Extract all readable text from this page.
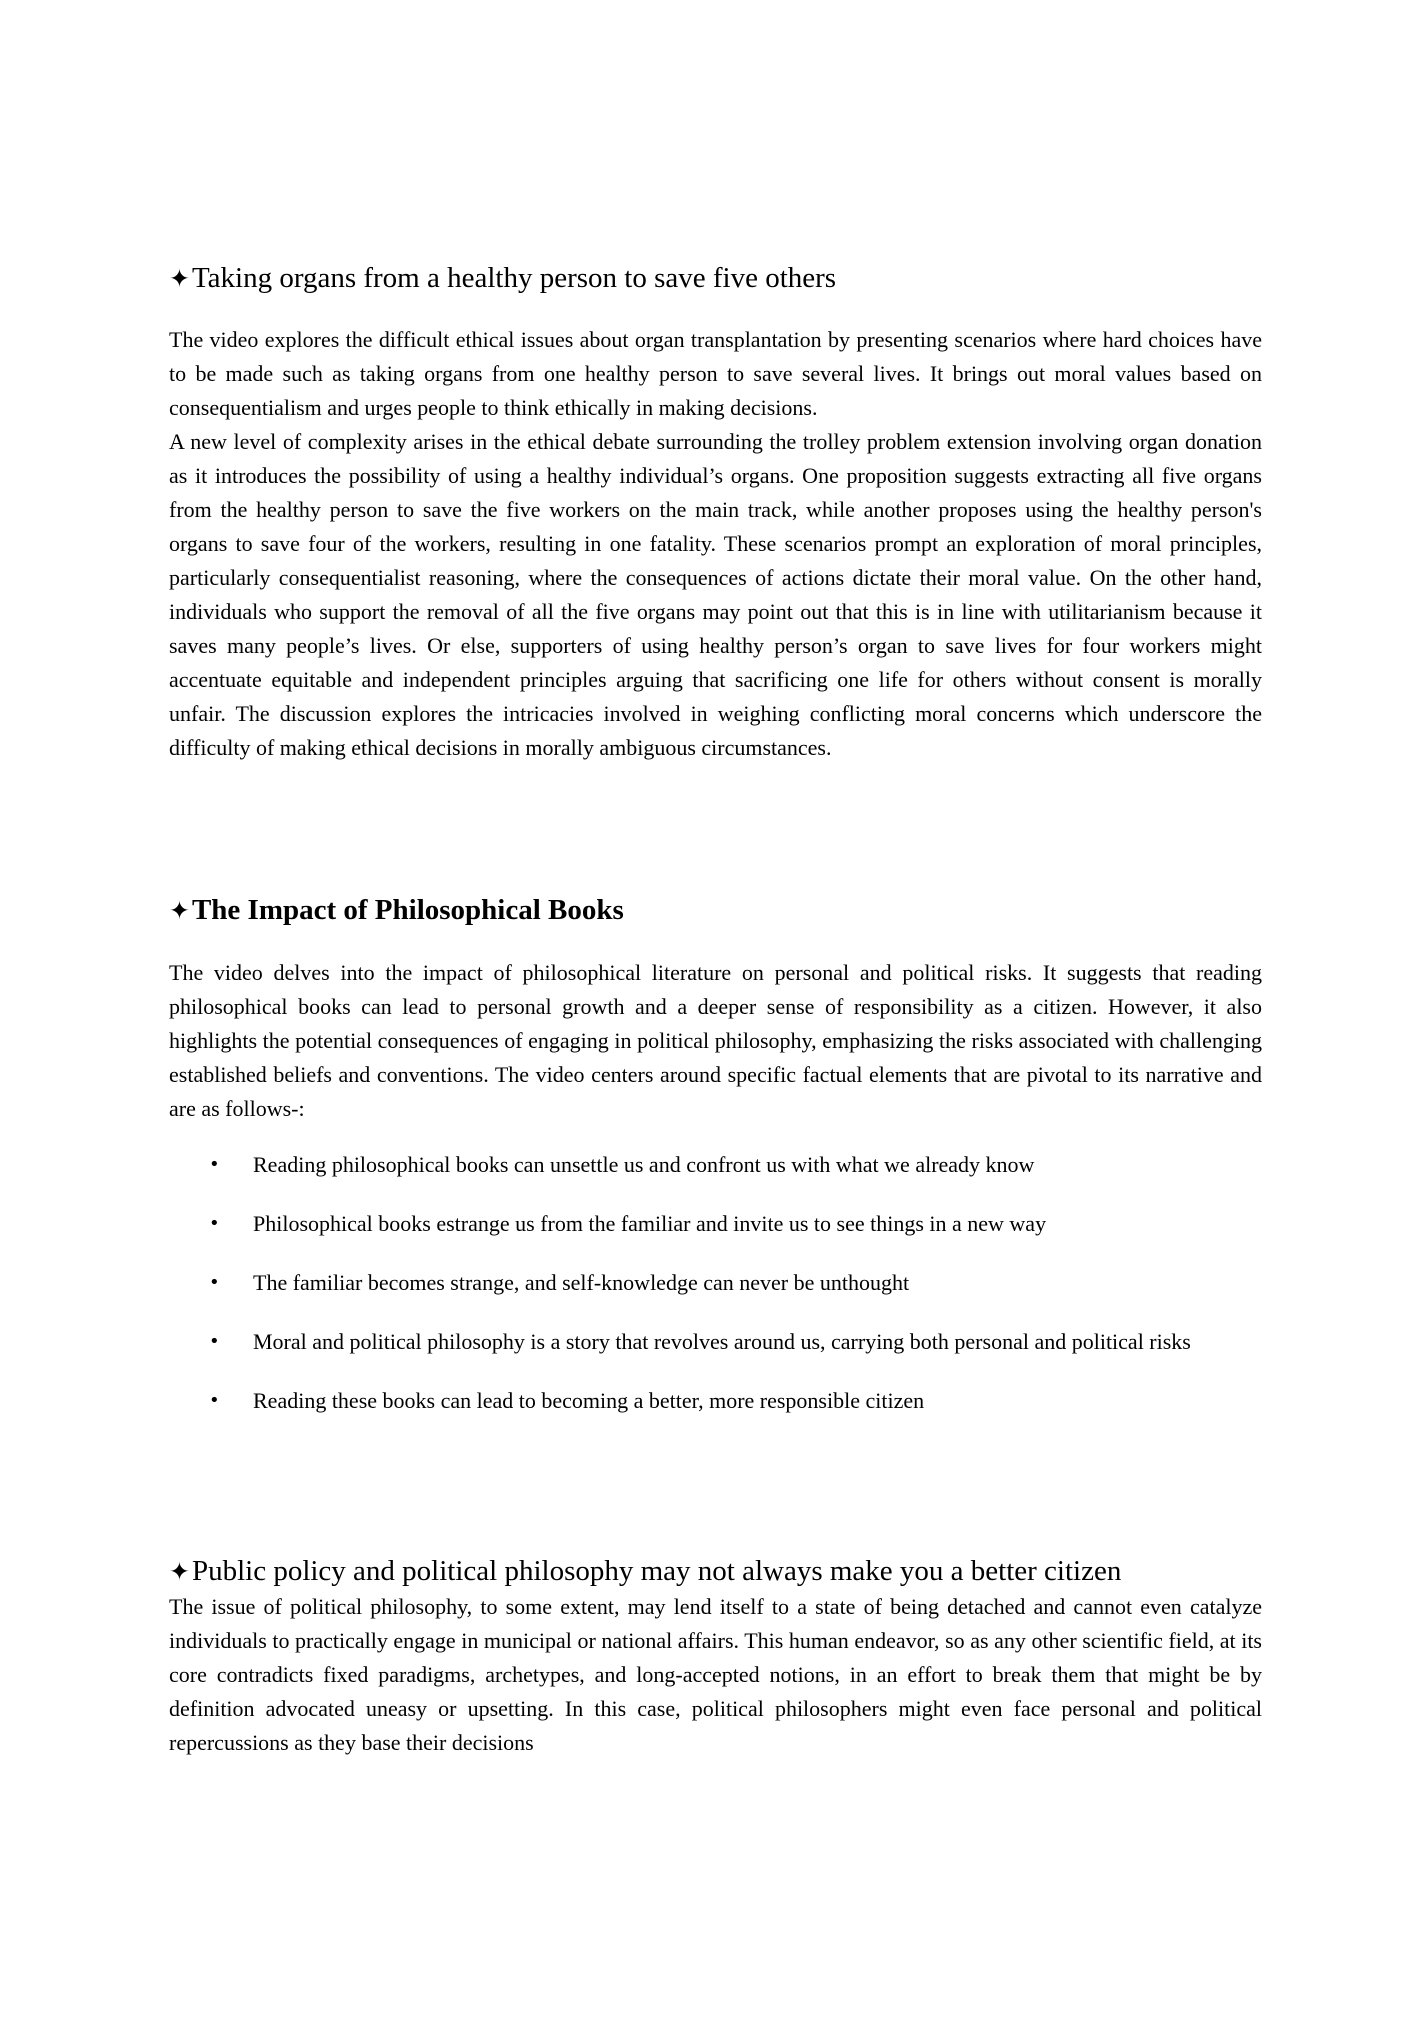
✦Taking organs from a healthy person to save five others

The video explores the difficult ethical issues about organ transplantation by presenting scenarios where hard choices have to be made such as taking organs from one healthy person to save several lives. It brings out moral values based on consequentialism and urges people to think ethically in making decisions.

A new level of complexity arises in the ethical debate surrounding the trolley problem extension involving organ donation as it introduces the possibility of using a healthy individual’s organs. One proposition suggests extracting all five organs from the healthy person to save the five workers on the main track, while another proposes using the healthy person's organs to save four of the workers, resulting in one fatality. These scenarios prompt an exploration of moral principles, particularly consequentialist reasoning, where the consequences of actions dictate their moral value. On the other hand, individuals who support the removal of all the five organs may point out that this is in line with utilitarianism because it saves many people’s lives. Or else, supporters of using healthy person’s organ to save lives for four workers might accentuate equitable and independent principles arguing that sacrificing one life for others without consent is morally unfair. The discussion explores the intricacies involved in weighing conflicting moral concerns which underscore the difficulty of making ethical decisions in morally ambiguous circumstances.

✦The Impact of Philosophical Books

The video delves into the impact of philosophical literature on personal and political risks. It suggests that reading philosophical books can lead to personal growth and a deeper sense of responsibility as a citizen. However, it also highlights the potential consequences of engaging in political philosophy, emphasizing the risks associated with challenging established beliefs and conventions. The video centers around specific factual elements that are pivotal to its narrative and are as follows-:

• Reading philosophical books can unsettle us and confront us with what we already know
• Philosophical books estrange us from the familiar and invite us to see things in a new way
• The familiar becomes strange, and self-knowledge can never be unthought
• Moral and political philosophy is a story that revolves around us, carrying both personal and political risks
• Reading these books can lead to becoming a better, more responsible citizen
✦Public policy and political philosophy may not always make you a better citizen

The issue of political philosophy, to some extent, may lend itself to a state of being detached and cannot even catalyze individuals to practically engage in municipal or national affairs. This human endeavor, so as any other scientific field, at its core contradicts fixed paradigms, archetypes, and long-accepted notions, in an effort to break them that might be by definition advocated uneasy or upsetting. In this case, political philosophers might even face personal and political repercussions as they base their decisions
